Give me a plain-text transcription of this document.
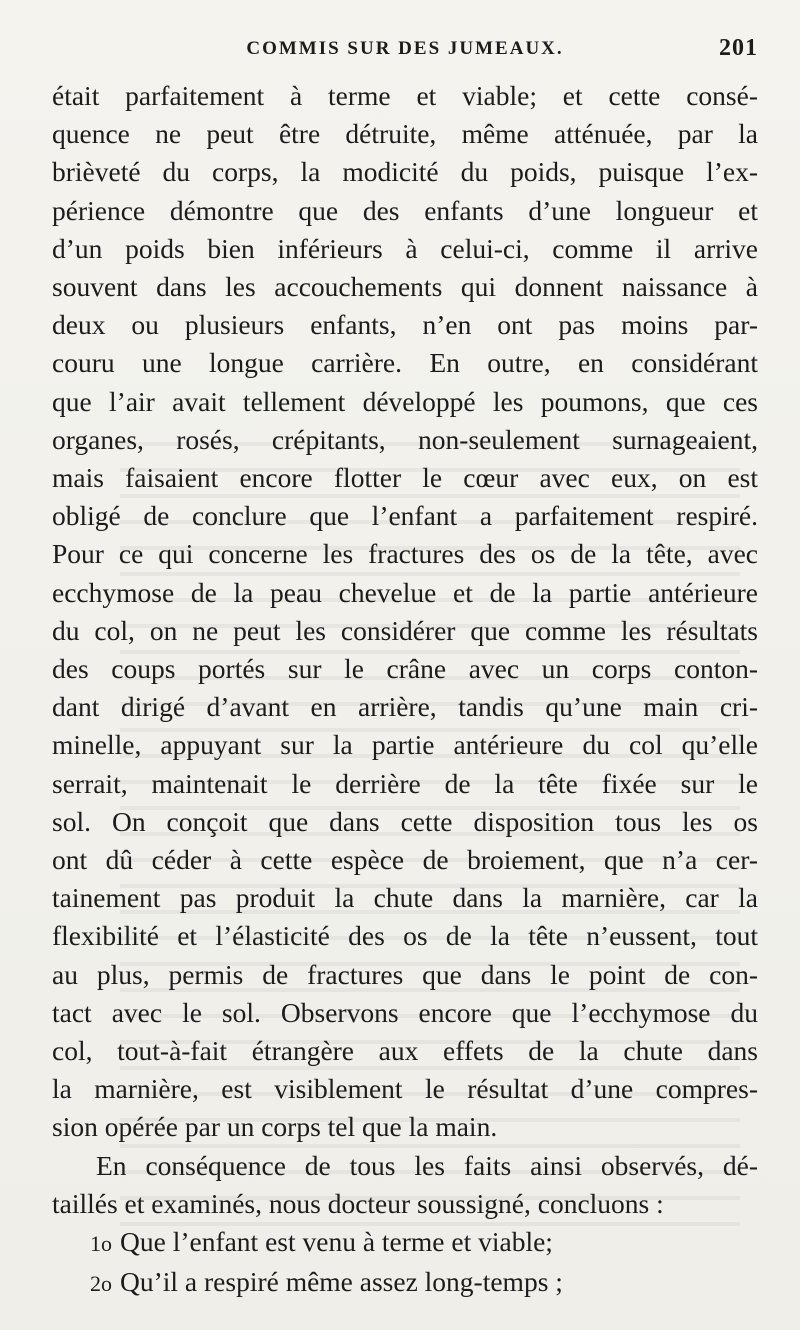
COMMIS SUR DES JUMEAUX.	201

était parfaitement à terme et viable; et cette consé-
quence ne peut être détruite, même atténuée, par la
brièveté du corps, la modicité du poids, puisque l’ex-
périence démontre que des enfants d’une longueur et
d’un poids bien inférieurs à celui-ci, comme il arrive
souvent dans les accouchements qui donnent naissance à
deux ou plusieurs enfants, n’en ont pas moins par-
couru une longue carrière. En outre, en considérant
que l’air avait tellement développé les poumons, que ces
organes, rosés, crépitants, non-seulement surnageaient,
mais faisaient encore flotter le cœur avec eux, on est
obligé de conclure que l’enfant a parfaitement respiré.
Pour ce qui concerne les fractures des os de la tête, avec
ecchymose de la peau chevelue et de la partie antérieure
du col, on ne peut les considérer que comme les résultats
des coups portés sur le crâne avec un corps conton-
dant dirigé d’avant en arrière, tandis qu’une main cri-
minelle, appuyant sur la partie antérieure du col qu’elle
serrait, maintenait le derrière de la tête fixée sur le
sol. On conçoit que dans cette disposition tous les os
ont dû céder à cette espèce de broiement, que n’a cer-
tainement pas produit la chute dans la marnière, car la
flexibilité et l’élasticité des os de la tête n’eussent, tout
au plus, permis de fractures que dans le point de con-
tact avec le sol. Observons encore que l’ecchymose du
col, tout-à-fait étrangère aux effets de la chute dans
la marnière, est visiblement le résultat d’une compres-
sion opérée par un corps tel que la main.

En conséquence de tous les faits ainsi observés, dé-
taillés et examinés, nous docteur soussigné, concluons :

1o Que l’enfant est venu à terme et viable;
2o Qu’il a respiré même assez long-temps ;
